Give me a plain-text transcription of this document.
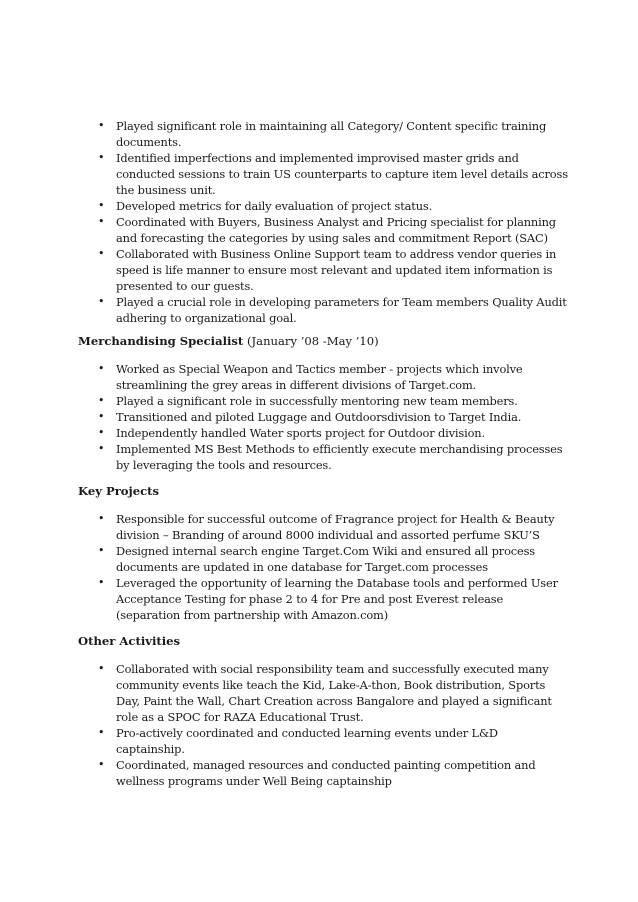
• Played significant role in maintaining all Category/ Content specific training documents.
• Identified imperfections and implemented improvised master grids and conducted sessions to train US counterparts to capture item level details across the business unit.
• Developed metrics for daily evaluation of project status.
• Coordinated with Buyers, Business Analyst and Pricing specialist for planning and forecasting the categories by using sales and commitment Report (SAC)
• Collaborated with Business Online Support team to address vendor queries in speed is life manner to ensure most relevant and updated item information is presented to our guests.
• Played a crucial role in developing parameters for Team members Quality Audit adhering to organizational goal.
Merchandising Specialist (January ’08 -May ’10)
• Worked as Special Weapon and Tactics member - projects which involve streamlining the grey areas in different divisions of Target.com.
• Played a significant role in successfully mentoring new team members.
• Transitioned and piloted Luggage and Outdoorsdivision to Target India.
• Independently handled Water sports project for Outdoor division.
• Implemented MS Best Methods to efficiently execute merchandising processes by leveraging the tools and resources.
Key Projects
• Responsible for successful outcome of Fragrance project for Health & Beauty division – Branding of around 8000 individual and assorted perfume SKU’S
• Designed internal search engine Target.Com Wiki and ensured all process documents are updated in one database for Target.com processes
• Leveraged the opportunity of learning the Database tools and performed User Acceptance Testing for phase 2 to 4 for Pre and post Everest release (separation from partnership with Amazon.com)
Other Activities
• Collaborated with social responsibility team and successfully executed many community events like teach the Kid, Lake-A-thon, Book distribution, Sports Day, Paint the Wall, Chart Creation across Bangalore and played a significant role as a SPOC for RAZA Educational Trust.
• Pro-actively coordinated and conducted learning events under L&D captainship.
• Coordinated, managed resources and conducted painting competition and wellness programs under Well Being captainship
